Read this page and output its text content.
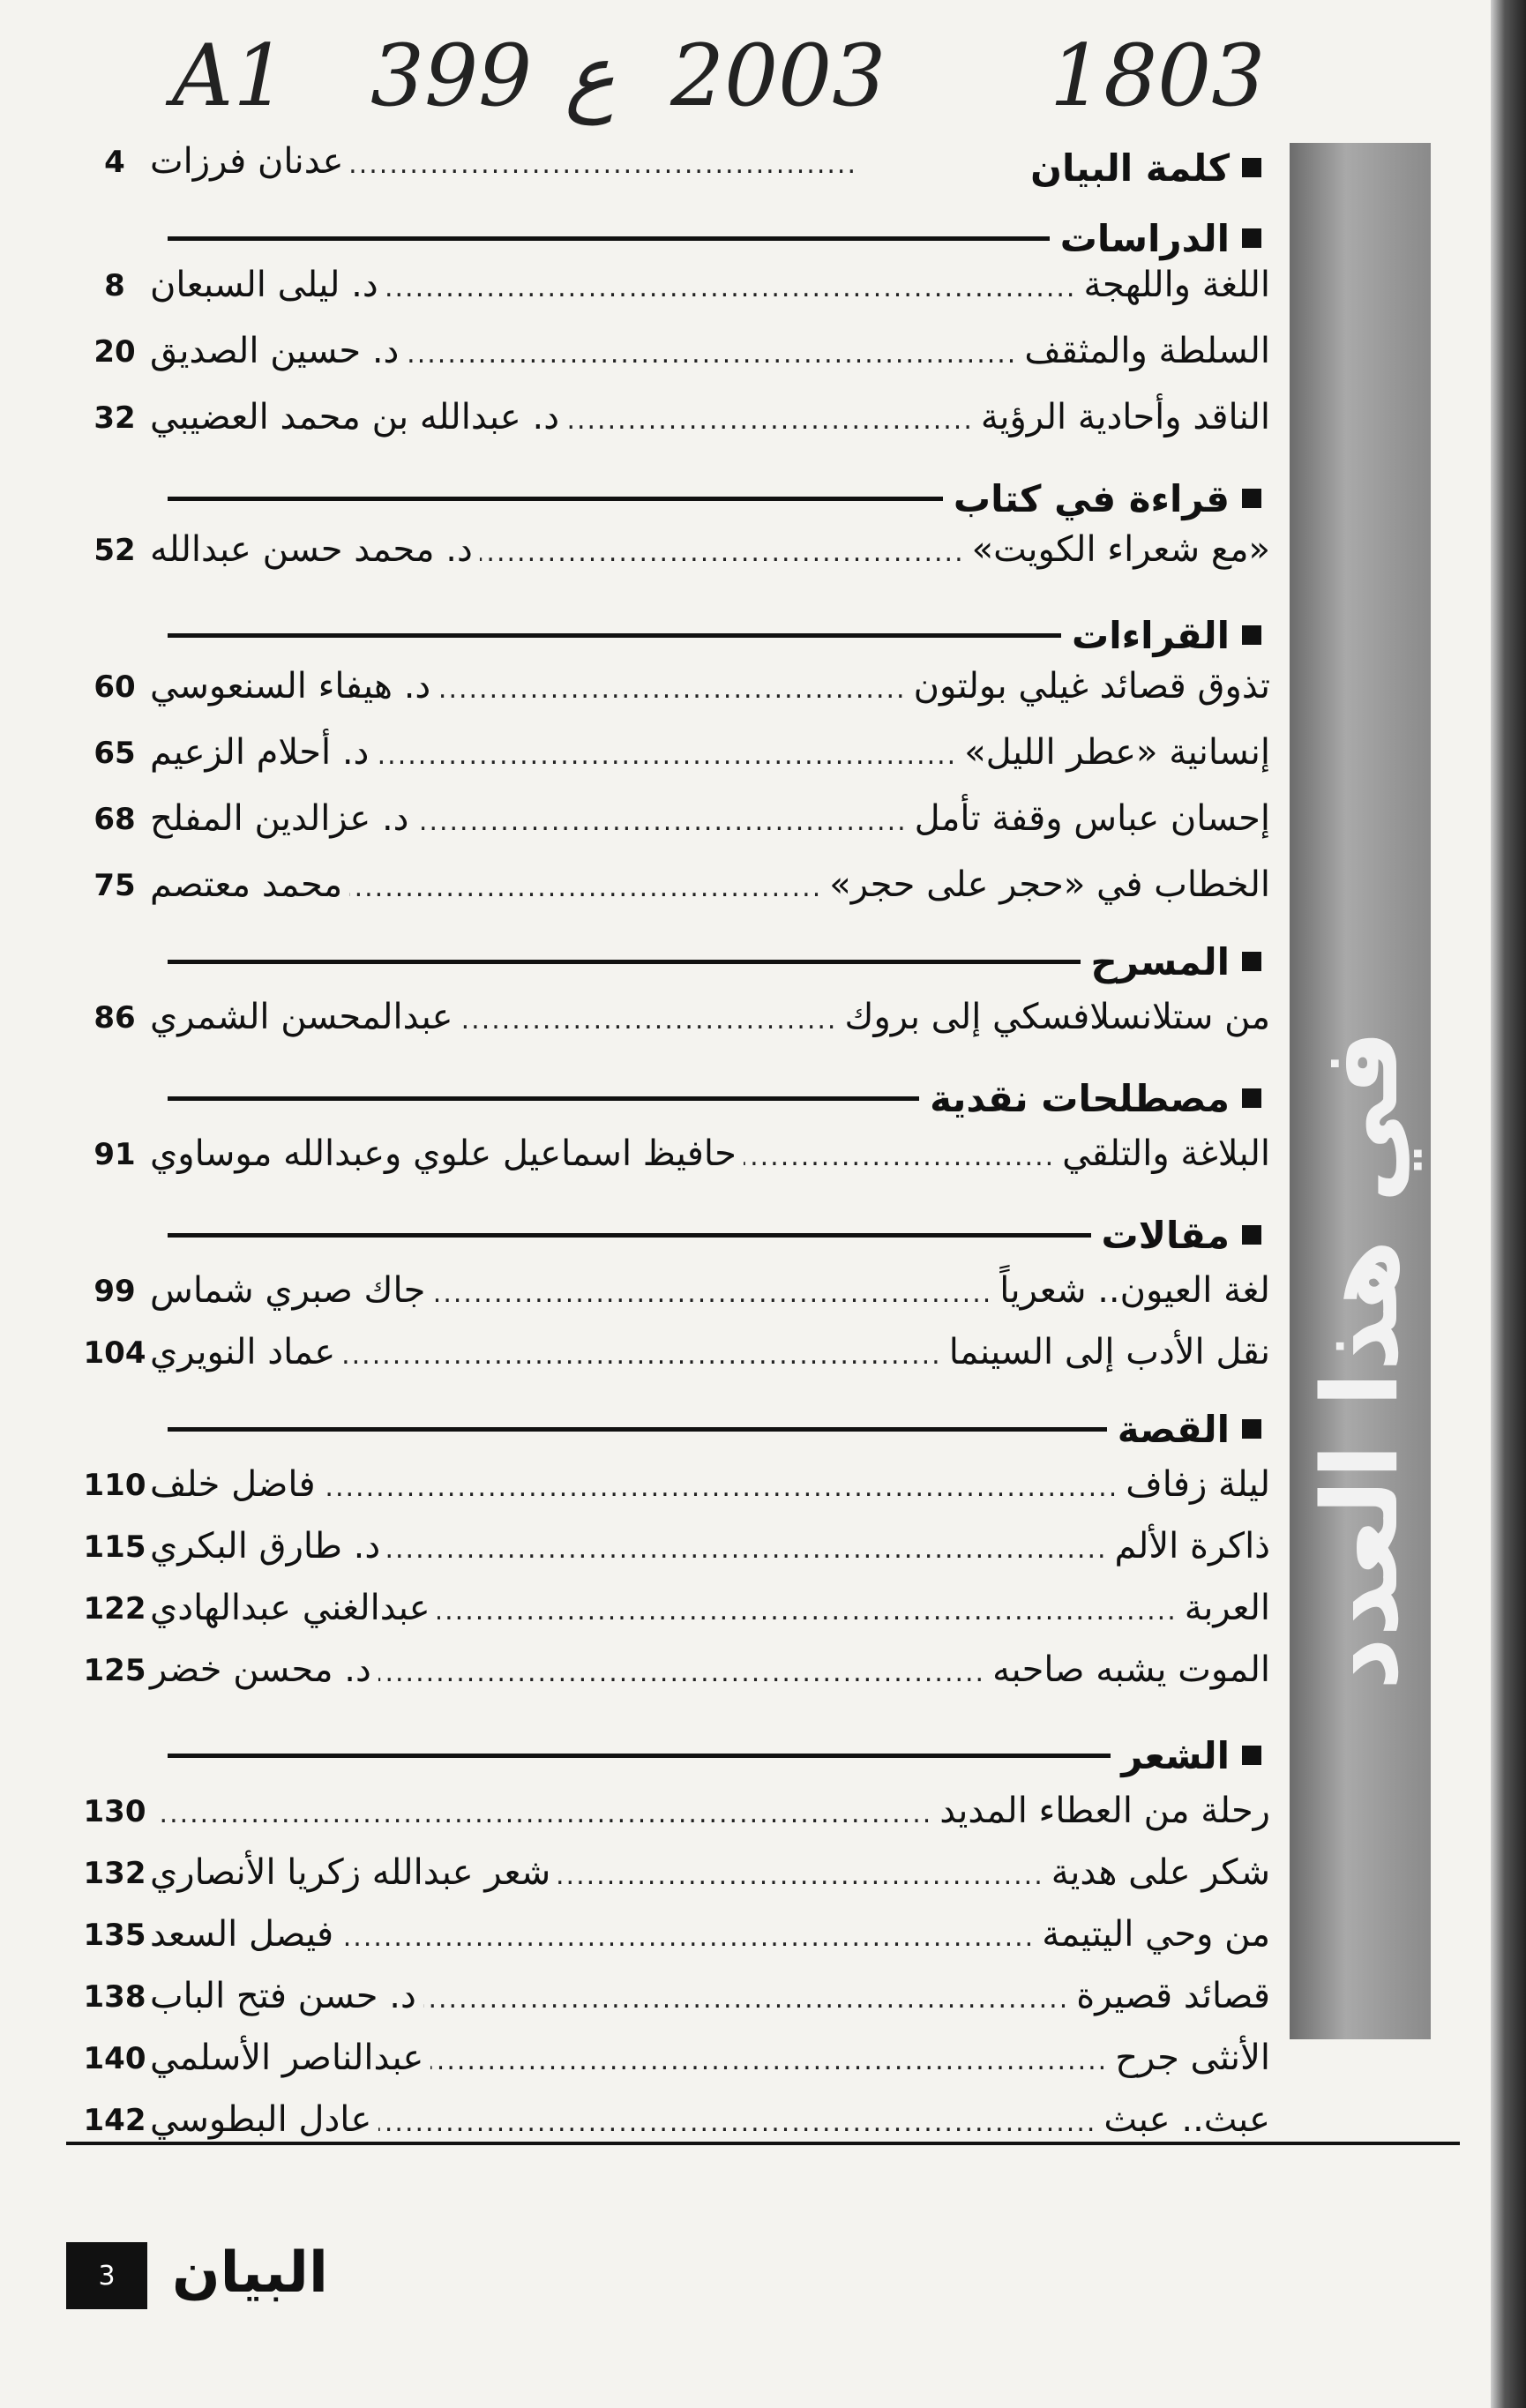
A1 399 ع 2003 1803
في هذا العدد
4
..... عدنان فرزات	كلمة البيان
الدراسات
8	اللغة واللهجة
.....
د. ليلى السبعان
20	السلطة والمثقف
.....
د. حسين الصديق
32	الناقد وأحادية الرؤية
.....
د. عبدالله بن محمد العضيبي
قراءة في كتاب
52	«مع شعراء الكويت»
.....
د. محمد حسن عبدالله
القراءات
60	تذوق قصائد غيلي بولتون
.....
د. هيفاء السنعوسي
65	إنسانية «عطر الليل»
.....
د. أحلام الزعيم
68	إحسان عباس وقفة تأمل
.....
د. عزالدين المفلح
75	الخطاب في «حجر على حجر»
.....
محمد معتصم
المسرح
86	من ستلانسلافسكي إلى بروك
.....
عبدالمحسن الشمري
مصطلحات نقدية
91	البلاغة والتلقي
.....
حافيظ اسماعيل علوي وعبدالله موساوي
مقالات
99	لغة العيون.. شعرياً
.....
جاك صبري شماس
104	نقل الأدب إلى السينما
.....
عماد النويري
القصة
110	ليلة زفاف
.....
فاضل خلف
115	ذاكرة الألم
.....
د. طارق البكري
122	العربة
.....
عبدالغني عبدالهادي
125	الموت يشبه صاحبه
.....
د. محسن خضر
الشعر
130	رحلة من العطاء المديد
.....
132	شكر على هدية
.....
شعر عبدالله زكريا الأنصاري
135	من وحي اليتيمة
.....
فيصل السعد
138	قصائد قصيرة
.....
د. حسن فتح الباب
140	الأنثى جرح
.....
عبدالناصر الأسلمي
142	عبث.. عبث
.....
عادل البطوسي
3	البيان
